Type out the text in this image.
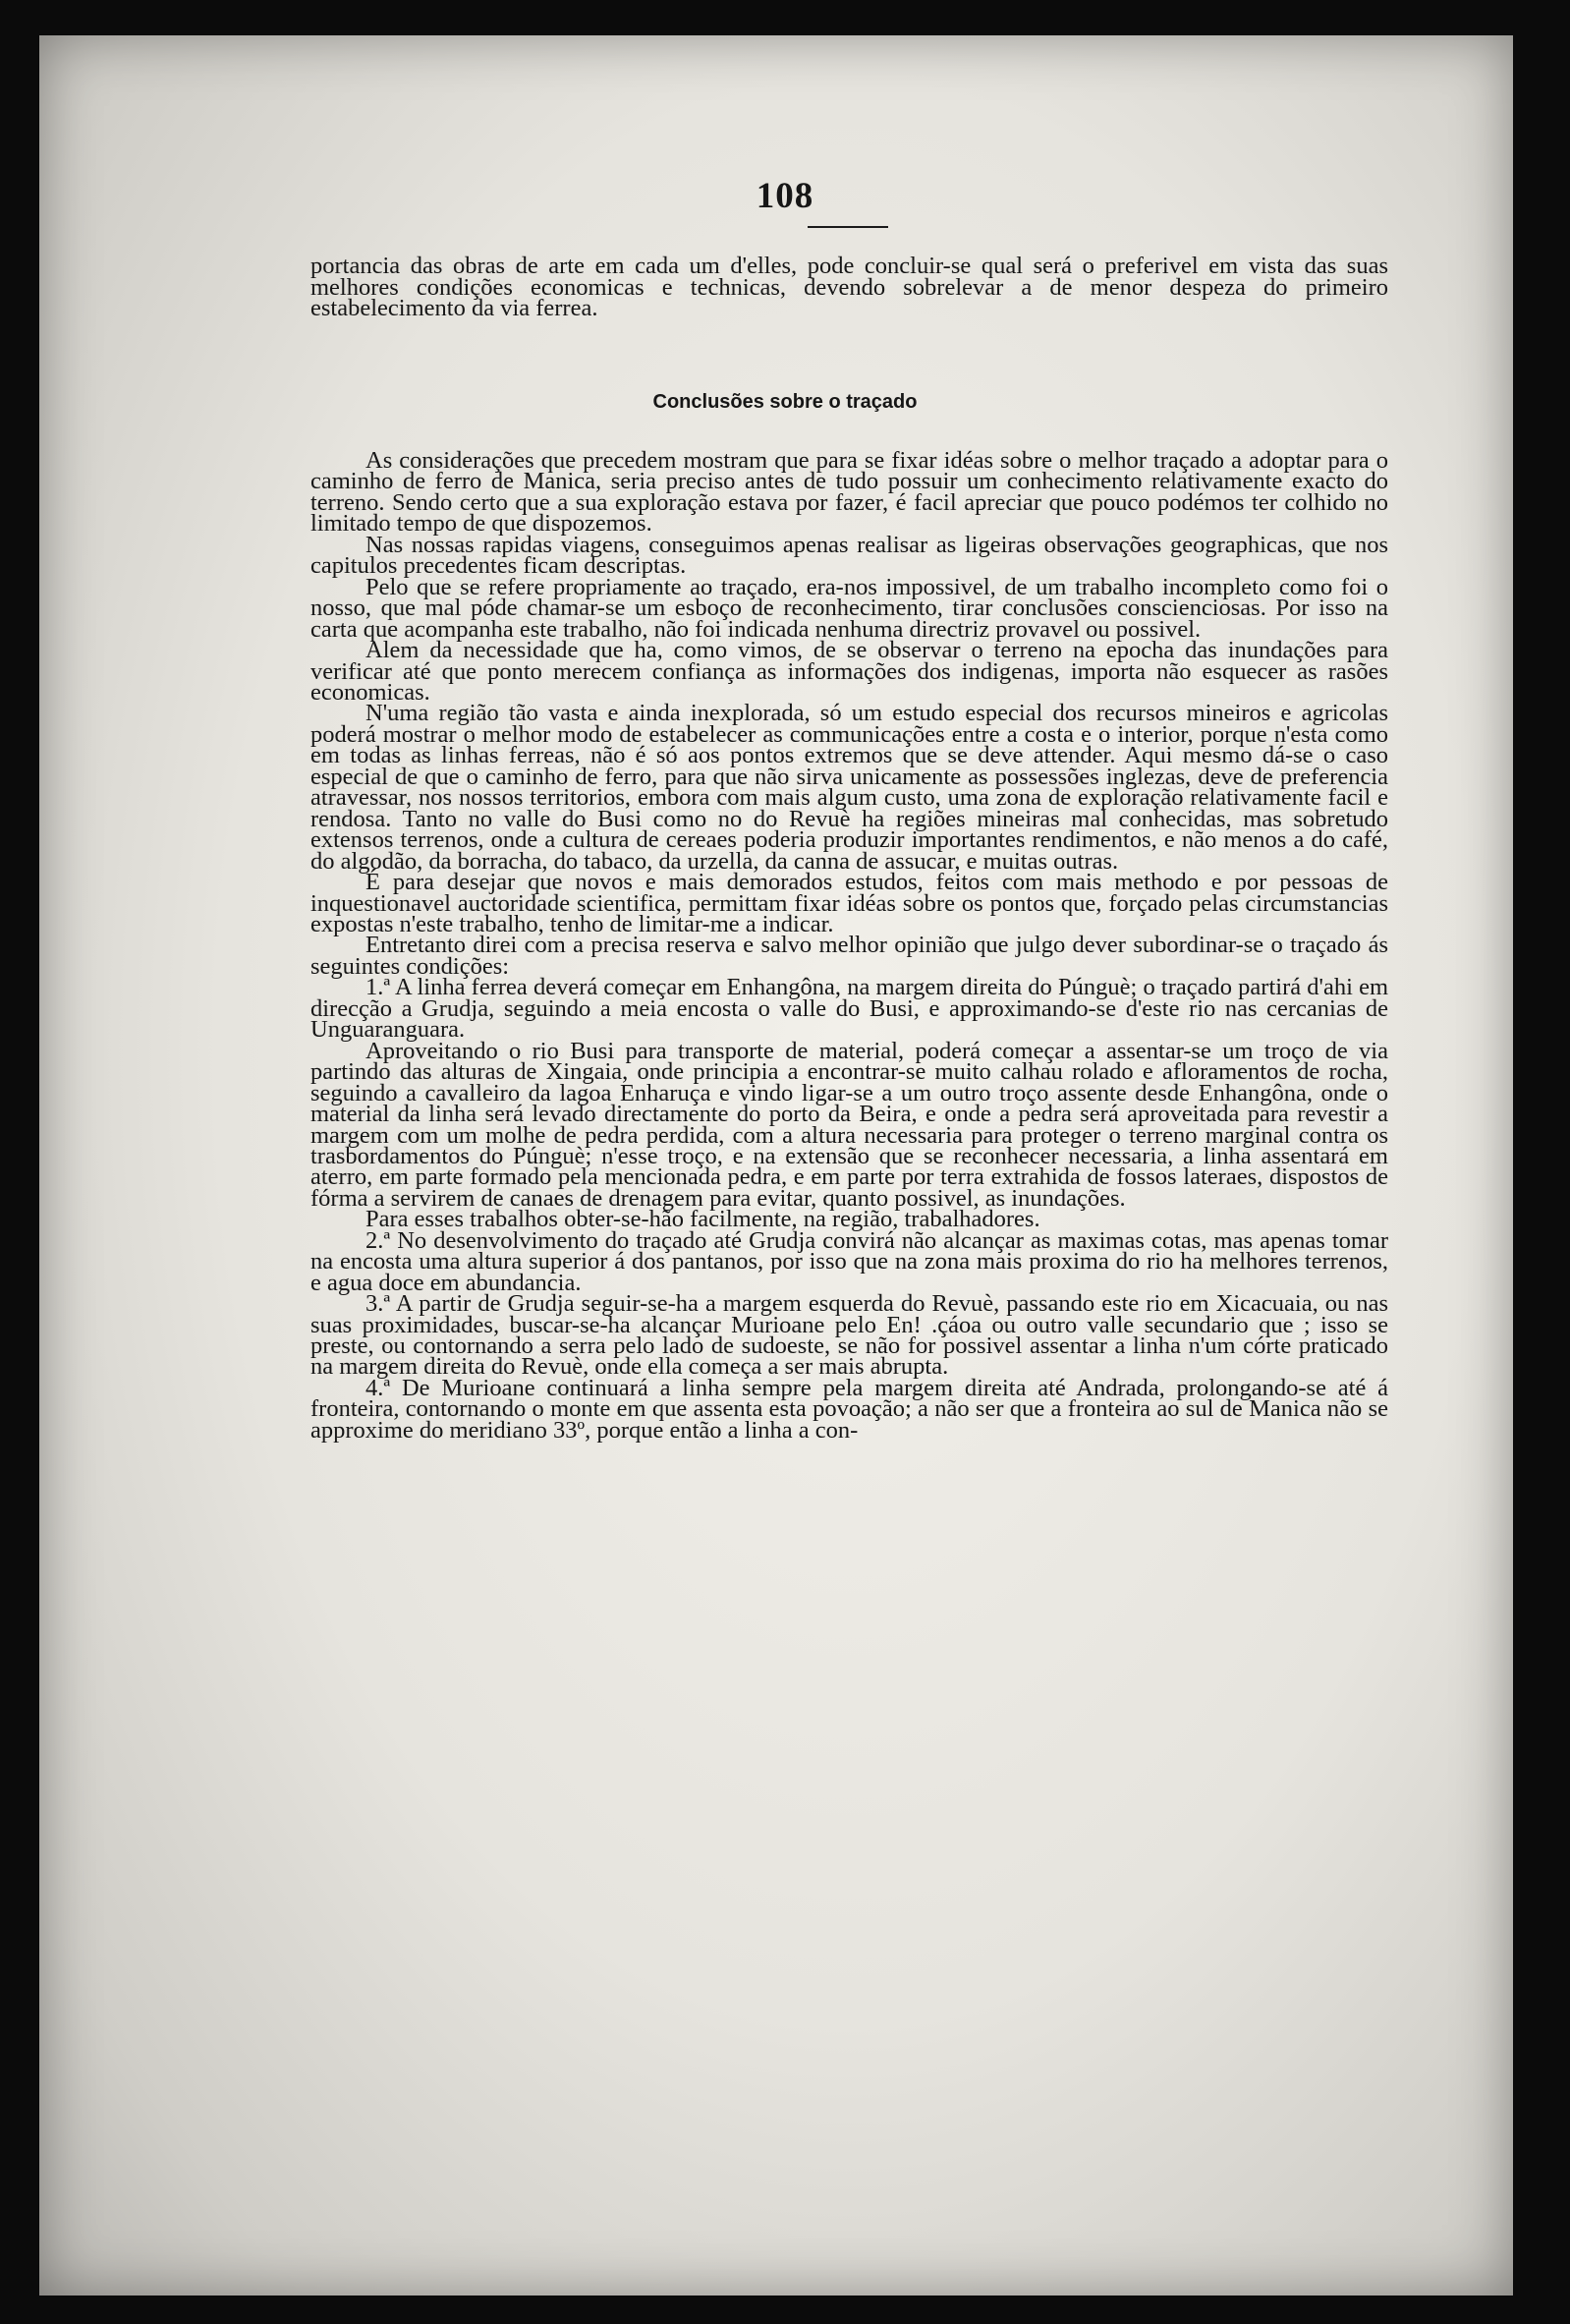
108

portancia das obras de arte em cada um d'elles, pode concluir-se qual será o preferivel em vista das suas melhores condições economicas e technicas, devendo sobrelevar a de menor despeza do primeiro estabelecimento da via ferrea.

Conclusões sobre o traçado

As considerações que precedem mostram que para se fixar idéas sobre o melhor traçado a adoptar para o caminho de ferro de Manica, seria preciso antes de tudo possuir um conhecimento relativamente exacto do terreno. Sendo certo que a sua exploração estava por fazer, é facil apreciar que pouco podémos ter colhido no limitado tempo de que dispozemos.

Nas nossas rapidas viagens, conseguimos apenas realisar as ligeiras observações geographicas, que nos capitulos precedentes ficam descriptas.

Pelo que se refere propriamente ao traçado, era-nos impossivel, de um trabalho incompleto como foi o nosso, que mal póde chamar-se um esboço de reconhecimento, tirar conclusões conscienciosas. Por isso na carta que acompanha este trabalho, não foi indicada nenhuma directriz provavel ou possivel.

Alem da necessidade que ha, como vimos, de se observar o terreno na epocha das inundações para verificar até que ponto merecem confiança as informações dos indigenas, importa não esquecer as rasões economicas.

N'uma região tão vasta e ainda inexplorada, só um estudo especial dos recursos mineiros e agricolas poderá mostrar o melhor modo de estabelecer as communicações entre a costa e o interior, porque n'esta como em todas as linhas ferreas, não é só aos pontos extremos que se deve attender. Aqui mesmo dá-se o caso especial de que o caminho de ferro, para que não sirva unicamente as possessões inglezas, deve de preferencia atravessar, nos nossos territorios, embora com mais algum custo, uma zona de exploração relativamente facil e rendosa. Tanto no valle do Busi como no do Revuè ha regiões mineiras mal conhecidas, mas sobretudo extensos terrenos, onde a cultura de cereaes poderia produzir importantes rendimentos, e não menos a do café, do algodão, da borracha, do tabaco, da urzella, da canna de assucar, e muitas outras.

É para desejar que novos e mais demorados estudos, feitos com mais methodo e por pessoas de inquestionavel auctoridade scientifica, permittam fixar idéas sobre os pontos que, forçado pelas circumstancias expostas n'este trabalho, tenho de limitar-me a indicar.

Entretanto direi com a precisa reserva e salvo melhor opinião que julgo dever subordinar-se o traçado ás seguintes condições:

1.ª A linha ferrea deverá começar em Enhangôna, na margem direita do Púnguè; o traçado partirá d'ahi em direcção a Grudja, seguindo a meia encosta o valle do Busi, e approximando-se d'este rio nas cercanias de Unguaranguara.

Aproveitando o rio Busi para transporte de material, poderá começar a assentar-se um troço de via partindo das alturas de Xingaia, onde principia a encontrar-se muito calhau rolado e afloramentos de rocha, seguindo a cavalleiro da lagoa Enharuça e vindo ligar-se a um outro troço assente desde Enhangôna, onde o material da linha será levado directamente do porto da Beira, e onde a pedra será aproveitada para revestir a margem com um molhe de pedra perdida, com a altura necessaria para proteger o terreno marginal contra os trasbordamentos do Púnguè; n'esse troço, e na extensão que se reconhecer necessaria, a linha assentará em aterro, em parte formado pela mencionada pedra, e em parte por terra extrahida de fossos lateraes, dispostos de fórma a servirem de canaes de drenagem para evitar, quanto possivel, as inundações.

Para esses trabalhos obter-se-hão facilmente, na região, trabalhadores.

2.ª No desenvolvimento do traçado até Grudja convirá não alcançar as maximas cotas, mas apenas tomar na encosta uma altura superior á dos pantanos, por isso que na zona mais proxima do rio ha melhores terrenos, e agua doce em abundancia.

3.ª A partir de Grudja seguir-se-ha a margem esquerda do Revuè, passando este rio em Xicacuaia, ou nas suas proximidades, buscar-se-ha alcançar Murioane pelo En! .çáoa ou outro valle secundario que ; isso se preste, ou contornando a serra pelo lado de sudoeste, se não for possivel assentar a linha n'um córte praticado na margem direita do Revuè, onde ella começa a ser mais abrupta.

4.ª De Murioane continuará a linha sempre pela margem direita até Andrada, prolongando-se até á fronteira, contornando o monte em que assenta esta povoação; a não ser que a fronteira ao sul de Manica não se approxime do meridiano 33º, porque então a linha a con-
